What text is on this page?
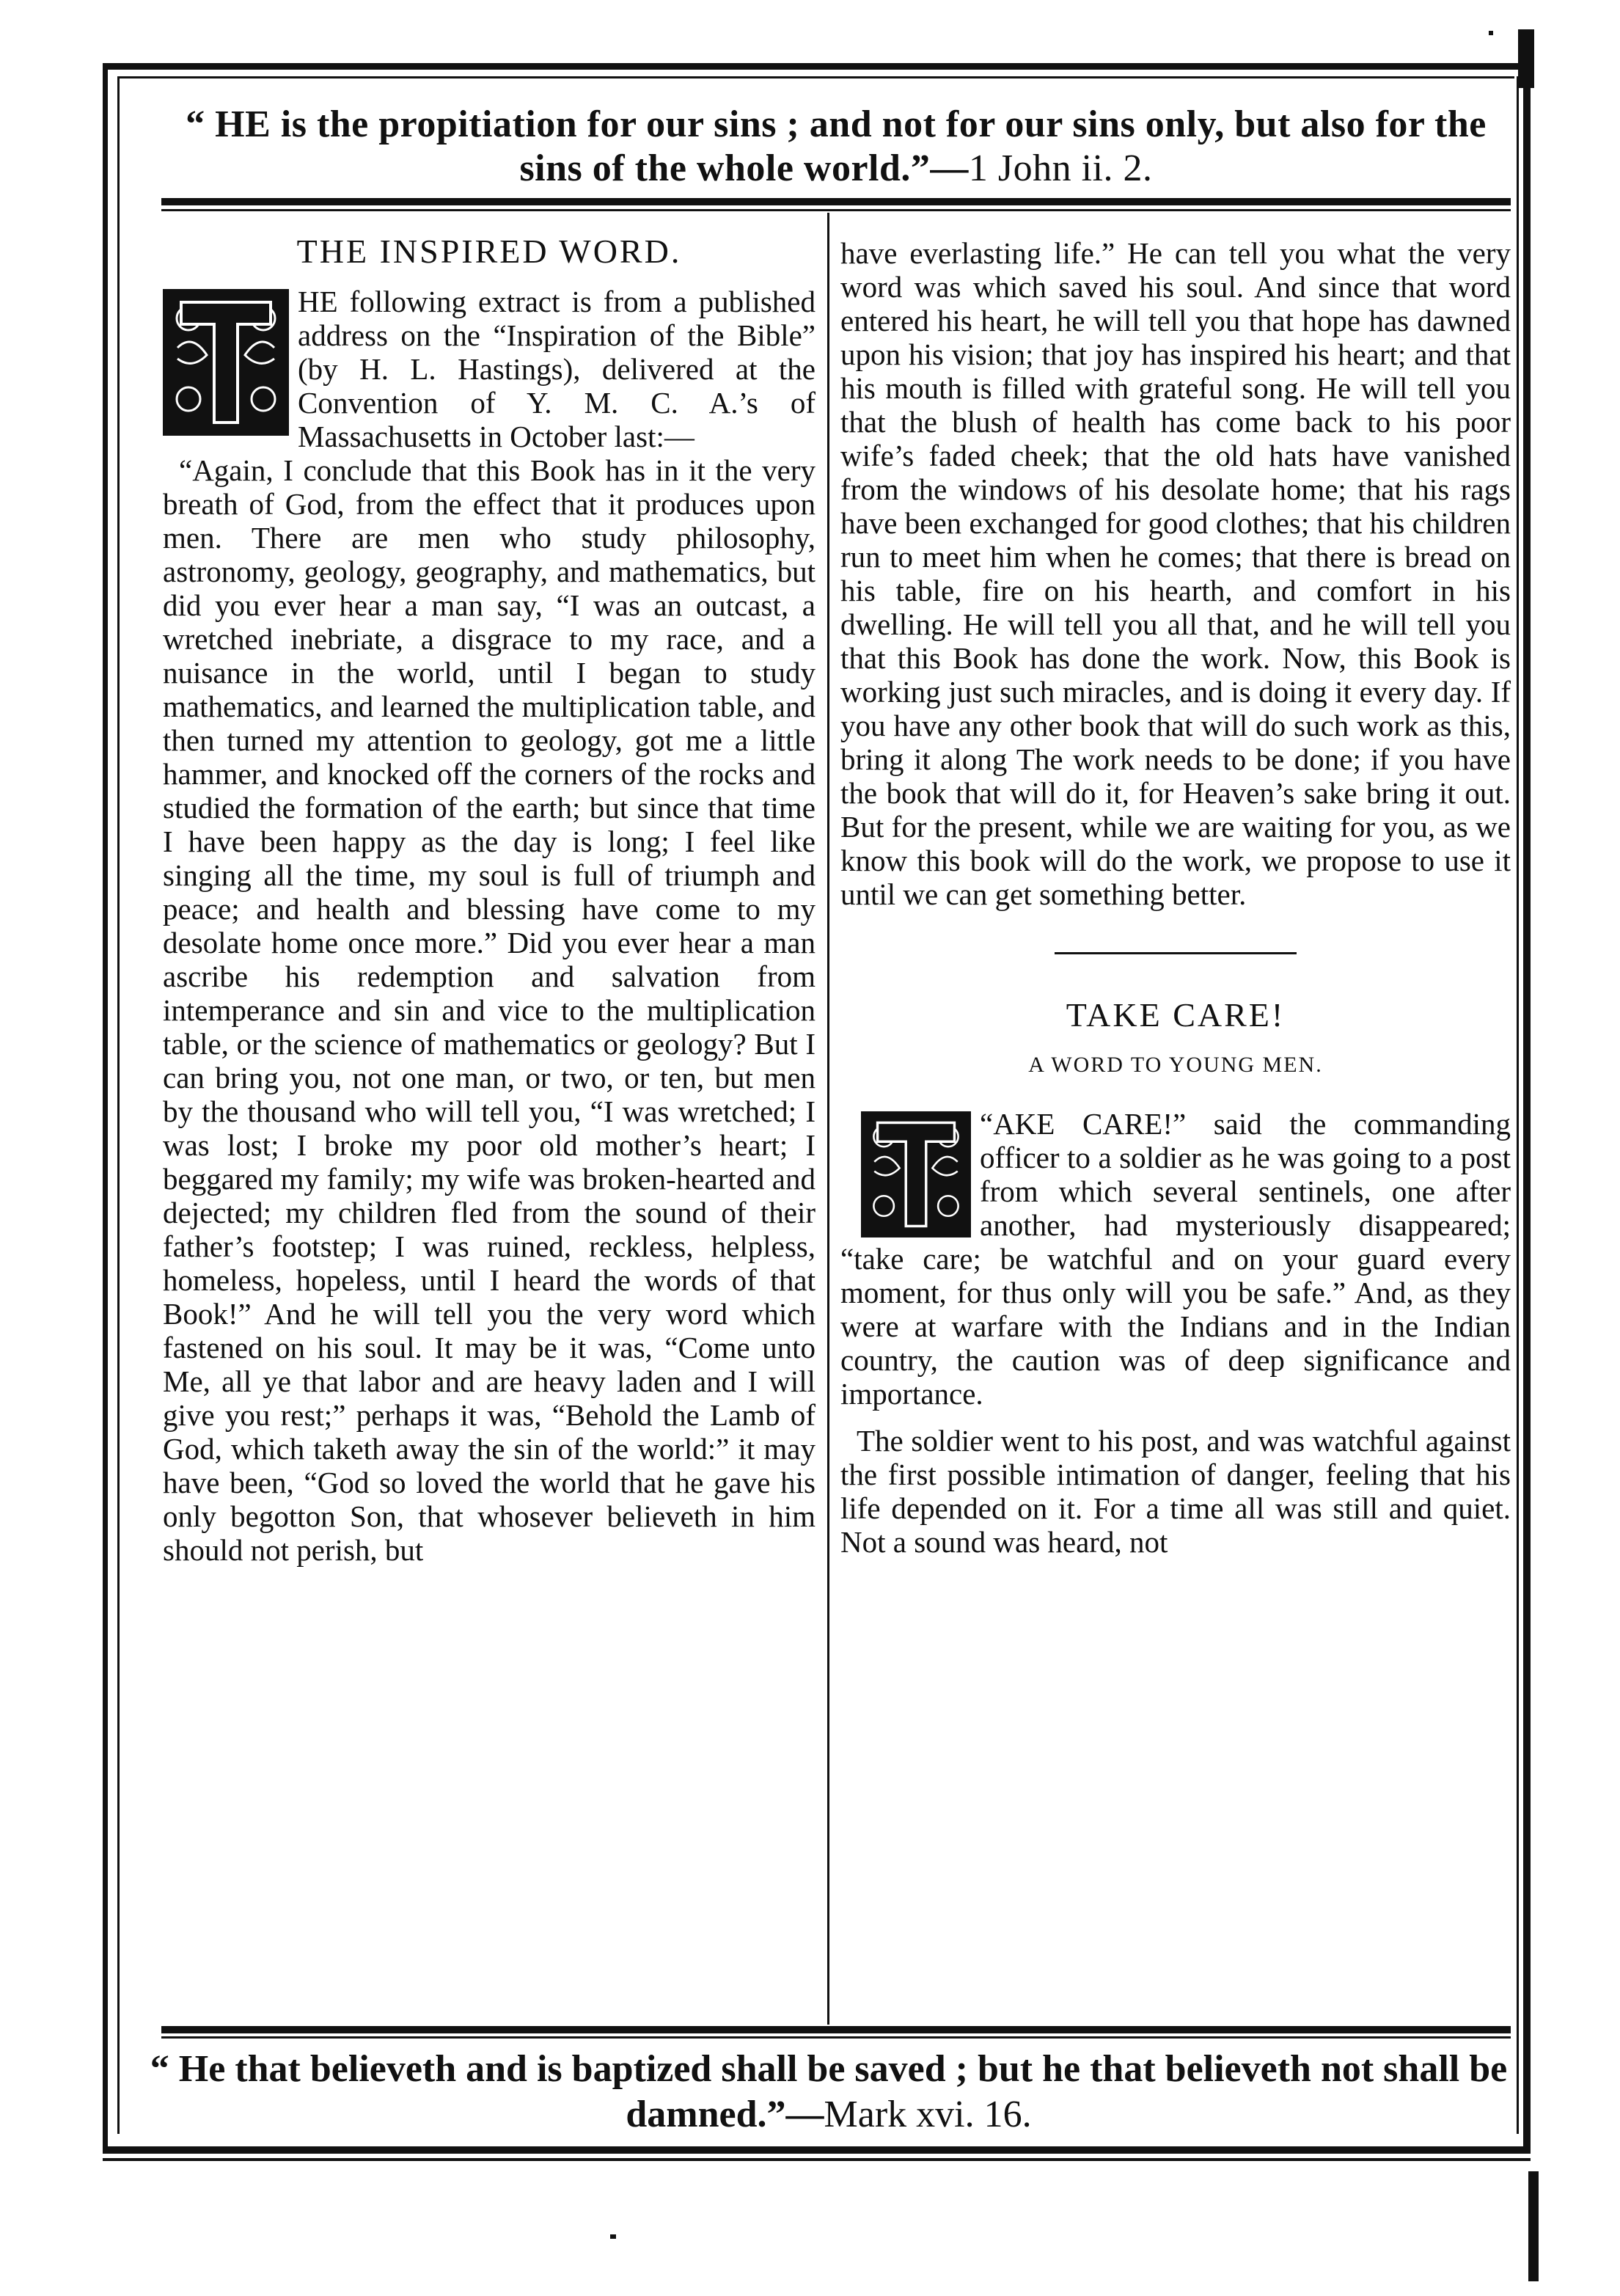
“ HE is the propitiation for our sins ; and not for our sins only, but also for the sins of the whole world.”—1 John ii. 2.

THE INSPIRED WORD.

HE following extract is from a published address on the “Inspiration of the Bible” (by H. L. Hastings), delivered at the Convention of Y. M. C. A.’s of Massachusetts in October last:—

“Again, I conclude that this Book has in it the very breath of God, from the effect that it produces upon men. There are men who study philosophy, astronomy, geology, geography, and mathematics, but did you ever hear a man say, “I was an outcast, a wretched inebriate, a disgrace to my race, and a nuisance in the world, until I began to study mathematics, and learned the multiplication table, and then turned my attention to geology, got me a little hammer, and knocked off the corners of the rocks and studied the formation of the earth; but since that time I have been happy as the day is long; I feel like singing all the time, my soul is full of triumph and peace; and health and blessing have come to my desolate home once more.” Did you ever hear a man ascribe his redemption and salvation from intemperance and sin and vice to the multiplication table, or the science of mathematics or geology? But I can bring you, not one man, or two, or ten, but men by the thousand who will tell you, “I was wretched; I was lost; I broke my poor old mother’s heart; I beggared my family; my wife was broken-hearted and dejected; my children fled from the sound of their father’s footstep; I was ruined, reckless, helpless, homeless, hopeless, until I heard the words of that Book!” And he will tell you the very word which fastened on his soul. It may be it was, “Come unto Me, all ye that labor and are heavy laden and I will give you rest;” perhaps it was, “Behold the Lamb of God, which taketh away the sin of the world:” it may have been, “God so loved the world that he gave his only begotton Son, that whosever believeth in him should not perish, but

have everlasting life.” He can tell you what the very word was which saved his soul. And since that word entered his heart, he will tell you that hope has dawned upon his vision; that joy has inspired his heart; and that his mouth is filled with grateful song. He will tell you that the blush of health has come back to his poor wife’s faded cheek; that the old hats have vanished from the windows of his desolate home; that his rags have been exchanged for good clothes; that his children run to meet him when he comes; that there is bread on his table, fire on his hearth, and comfort in his dwelling. He will tell you all that, and he will tell you that this Book has done the work. Now, this Book is working just such miracles, and is doing it every day. If you have any other book that will do such work as this, bring it along The work needs to be done; if you have the book that will do it, for Heaven’s sake bring it out. But for the present, while we are waiting for you, as we know this book will do the work, we propose to use it until we can get something better.

TAKE CARE!

A WORD TO YOUNG MEN.

“AKE CARE!” said the commanding officer to a soldier as he was going to a post from which several sentinels, one after another, had mysteriously disappeared; “take care; be watchful and on your guard every moment, for thus only will you be safe.” And, as they were at warfare with the Indians and in the Indian country, the caution was of deep significance and importance.

The soldier went to his post, and was watchful against the first possible intimation of danger, feeling that his life depended on it. For a time all was still and quiet. Not a sound was heard, not

“ He that believeth and is baptized shall be saved ; but he that believeth not shall be damned.”—Mark xvi. 16.
